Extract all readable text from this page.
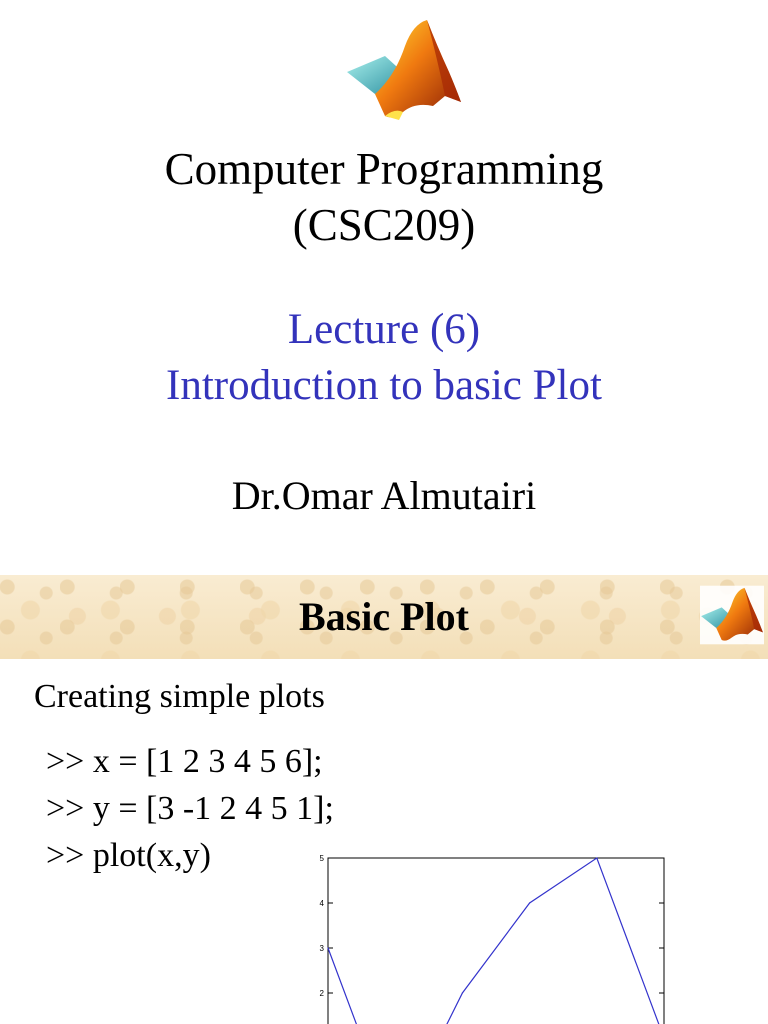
Computer Programming
(CSC209)
Lecture (6)
Introduction to basic Plot
Dr.Omar Almutairi
Basic Plot
Creating simple plots
>> x = [1 2 3 4 5 6];
>> y = [3 -1 2 4 5 1];
>> plot(x,y)	5
4
3
2
